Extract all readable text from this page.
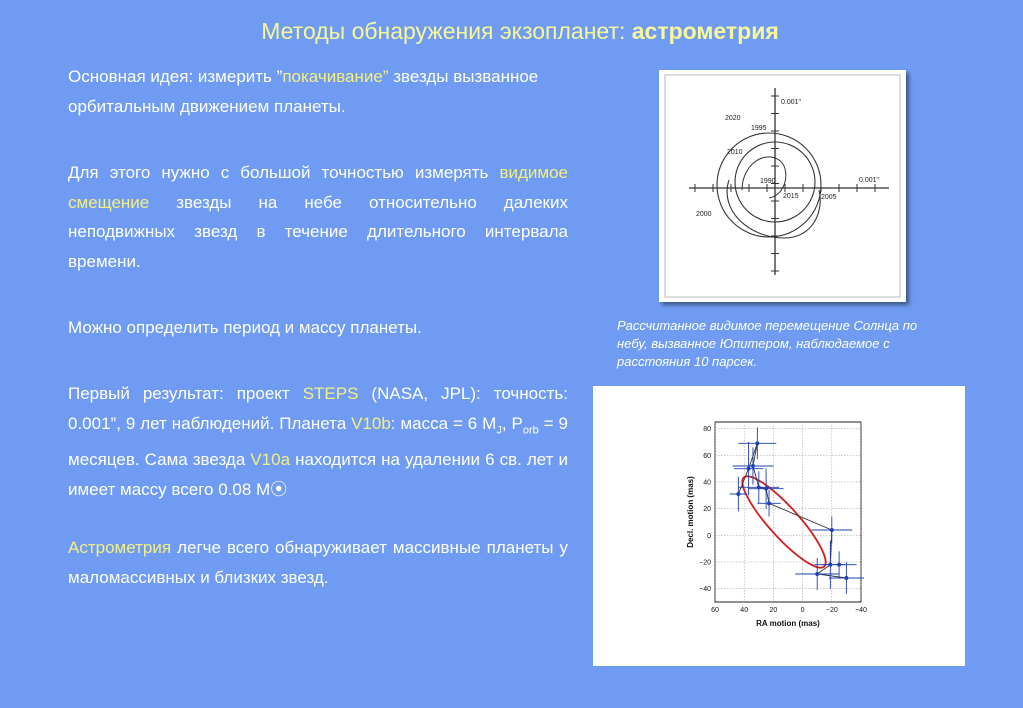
Методы обнаружения экзопланет: астрометрия
Основная идея: измерить ”покачивание” звезды вызванное орбитальным движением планеты.
Для этого нужно с большой точностью измерять видимое смещение звезды на небе относительно далеких неподвижных звезд в течение длительного интервала времени.
Можно определить период и массу планеты.
Первый результат: проект STEPS (NASA, JPL): точность: 0.001”, 9 лет наблюдений. Планета V10b: масса = 6 $M_J$, $P_{orb} = 9$ месяцев. Сама звезда V10a находится на удалении 6 св. лет и имеет массу всего 0.08 M⦿
Астрометрия легче всего обнаруживает массивные планеты у маломассивных и близких звезд.
0.001"
0.001"
2020
1995
2010
1990
2015	2005
2000
Рассчитанное видимое перемещение Солнца по небу, вызванное Юпитером, наблюдаемое с расстояния 10 парсек.
60	40	20	0	−20 −40
80
60
40
20
0
−20
−40
RA motion (mas)
Decl. motion (mas)
